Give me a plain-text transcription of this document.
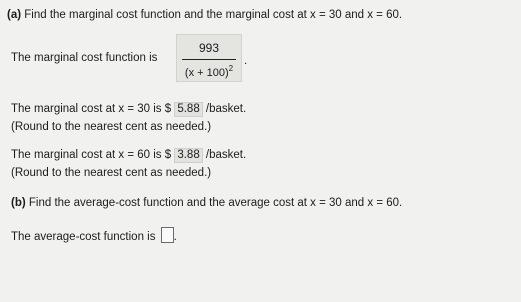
(a) Find the marginal cost function and the marginal cost at x = 30 and x = 60.
The marginal cost function is
993
$(x + 100)^2$
.
The marginal cost at x = 30 is $ 5.88 /basket.
(Round to the nearest cent as needed.)
The marginal cost at x = 60 is $ 3.88 /basket.
(Round to the nearest cent as needed.)
(b) Find the average-cost function and the average cost at x = 30 and x = 60.
The average-cost function is .
